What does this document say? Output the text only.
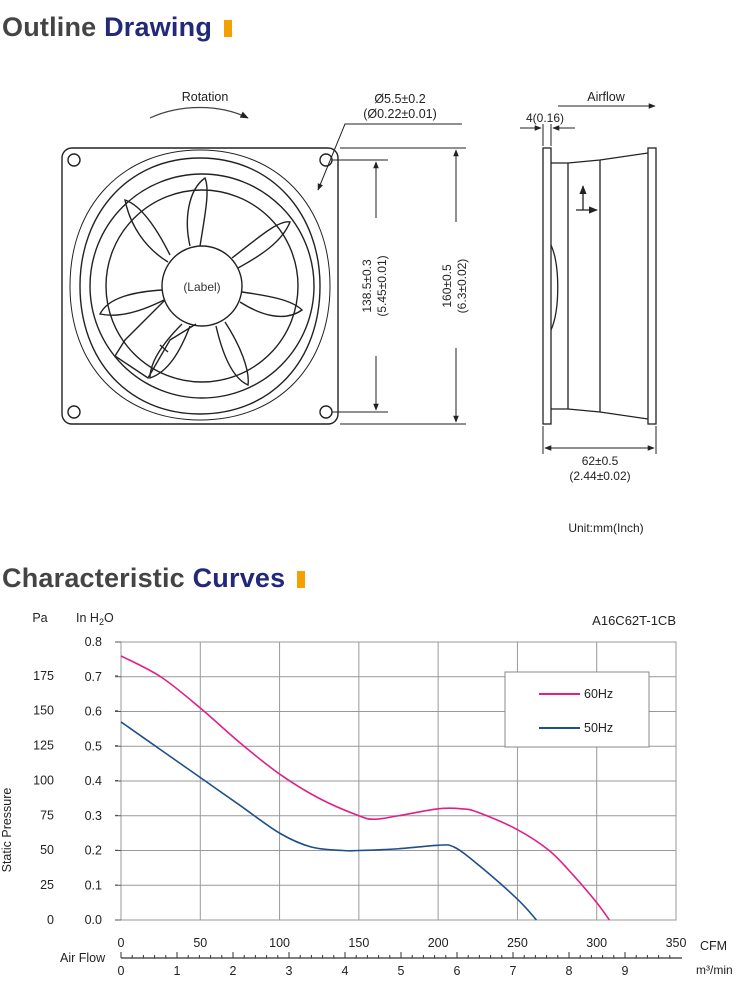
Outline Drawing
(Label)
Rotation	Ø5.5±0.2
(Ø0.22±0.01)
138.5±0.3 (5.45±0.01)	160±0.5 (6.3±0.02)
Airflow
4(0.16)
62±0.5
(2.44±0.02)
Unit:mm(Inch)
Characteristic Curves
Pa In $H_2O$	A16C62T-1CB
Static Pressure
0	50	100	150	200	250	300	350
0.0
0.1
0.2
0.3
0.4
0.5
0.6
0.7
0.8
0
25
50
75
100
125
150
175
0	1	2	3	4	5	6	7	8	9
CFM
Air Flow
m³/min
60Hz
50Hz
